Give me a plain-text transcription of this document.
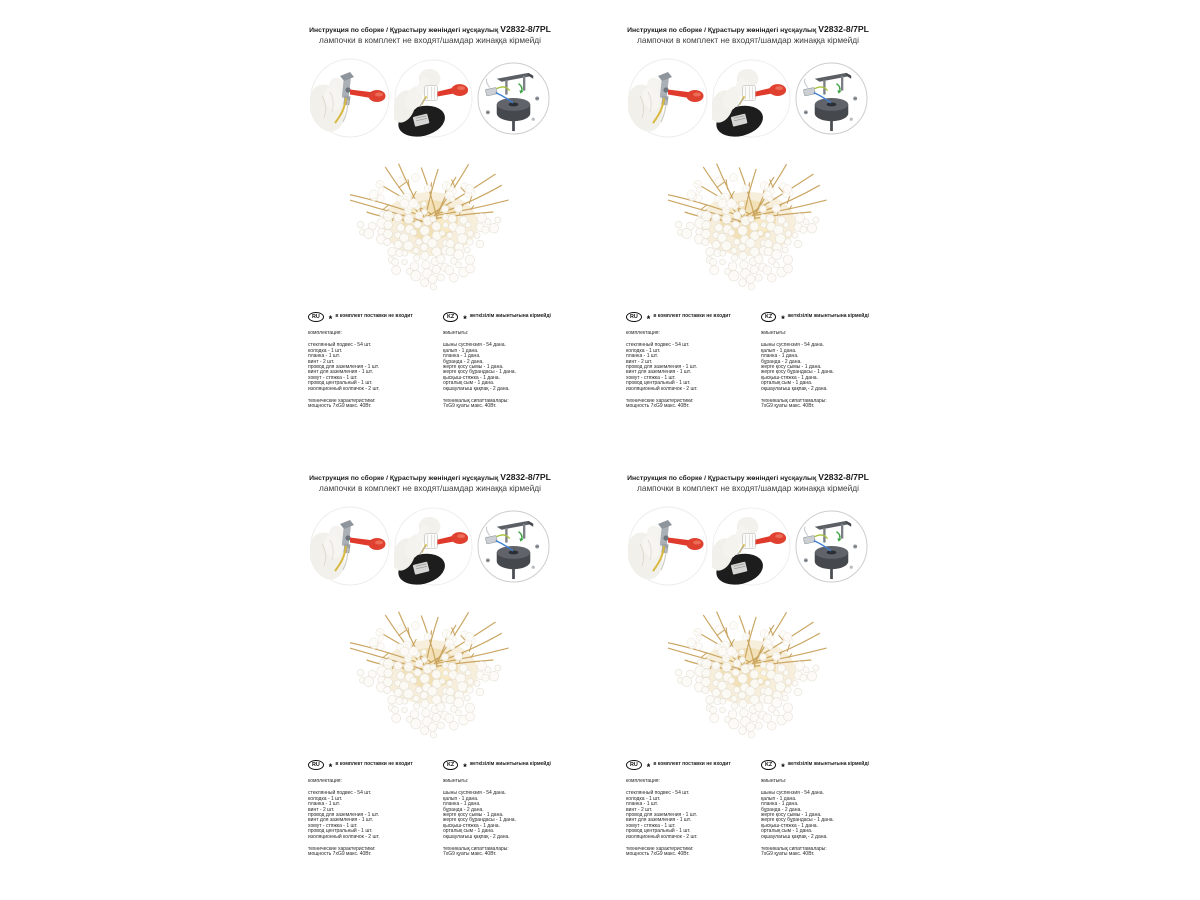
Инструкция по сборке / Құрастыру жөніндегі нұсқаулық V2832-8/7PL
лампочки в комплект не входят/шамдар жинаққа кірмейді
RU	* в комплект поставки не входит
комплектация:
стеклянный подвес - 54 шт.
колодка - 1 шт.
планка - 1 шт.
винт - 2 шт.
провод для заземления - 1 шт.
винт для заземления - 1 шт.
хомут - стяжка - 1 шт.
провод центральный - 1 шт.
изоляционный колпачок - 2 шт.
технические характеристики:
мощность 7хG9 макс. 40Вт.
KZ	* жеткізілім жиынтығына кірмейді
жиынтығы:
шыны суспензия - 54 дана.
қалып - 1 дана.
планка - 1 дана.
бұранда - 2 дана.
жерге қосу сымы - 1 дана.
жерге қосу бұрандасы - 1 дана.
қысқыш-стяжка - 1 дана.
орталық сым - 1 дана.
оқшаулағыш қақпақ - 2 дана.
техникалық сипаттамалары:
7хG9 қуаты макс. 40Вт.
Инструкция по сборке / Құрастыру жөніндегі нұсқаулық V2832-8/7PL
лампочки в комплект не входят/шамдар жинаққа кірмейді
RU	* в комплект поставки не входит
комплектация:
стеклянный подвес - 54 шт.
колодка - 1 шт.
планка - 1 шт.
винт - 2 шт.
провод для заземления - 1 шт.
винт для заземления - 1 шт.
хомут - стяжка - 1 шт.
провод центральный - 1 шт.
изоляционный колпачок - 2 шт.
технические характеристики:
мощность 7хG9 макс. 40Вт.
KZ	* жеткізілім жиынтығына кірмейді
жиынтығы:
шыны суспензия - 54 дана.
қалып - 1 дана.
планка - 1 дана.
бұранда - 2 дана.
жерге қосу сымы - 1 дана.
жерге қосу бұрандасы - 1 дана.
қысқыш-стяжка - 1 дана.
орталық сым - 1 дана.
оқшаулағыш қақпақ - 2 дана.
техникалық сипаттамалары:
7хG9 қуаты макс. 40Вт.
Инструкция по сборке / Құрастыру жөніндегі нұсқаулық V2832-8/7PL
лампочки в комплект не входят/шамдар жинаққа кірмейді
RU	* в комплект поставки не входит
комплектация:
стеклянный подвес - 54 шт.
колодка - 1 шт.
планка - 1 шт.
винт - 2 шт.
провод для заземления - 1 шт.
винт для заземления - 1 шт.
хомут - стяжка - 1 шт.
провод центральный - 1 шт.
изоляционный колпачок - 2 шт.
технические характеристики:
мощность 7хG9 макс. 40Вт.
KZ	* жеткізілім жиынтығына кірмейді
жиынтығы:
шыны суспензия - 54 дана.
қалып - 1 дана.
планка - 1 дана.
бұранда - 2 дана.
жерге қосу сымы - 1 дана.
жерге қосу бұрандасы - 1 дана.
қысқыш-стяжка - 1 дана.
орталық сым - 1 дана.
оқшаулағыш қақпақ - 2 дана.
техникалық сипаттамалары:
7хG9 қуаты макс. 40Вт.
Инструкция по сборке / Құрастыру жөніндегі нұсқаулық V2832-8/7PL
лампочки в комплект не входят/шамдар жинаққа кірмейді
RU	* в комплект поставки не входит
комплектация:
стеклянный подвес - 54 шт.
колодка - 1 шт.
планка - 1 шт.
винт - 2 шт.
провод для заземления - 1 шт.
винт для заземления - 1 шт.
хомут - стяжка - 1 шт.
провод центральный - 1 шт.
изоляционный колпачок - 2 шт.
технические характеристики:
мощность 7хG9 макс. 40Вт.
KZ	* жеткізілім жиынтығына кірмейді
жиынтығы:
шыны суспензия - 54 дана.
қалып - 1 дана.
планка - 1 дана.
бұранда - 2 дана.
жерге қосу сымы - 1 дана.
жерге қосу бұрандасы - 1 дана.
қысқыш-стяжка - 1 дана.
орталық сым - 1 дана.
оқшаулағыш қақпақ - 2 дана.
техникалық сипаттамалары:
7хG9 қуаты макс. 40Вт.
